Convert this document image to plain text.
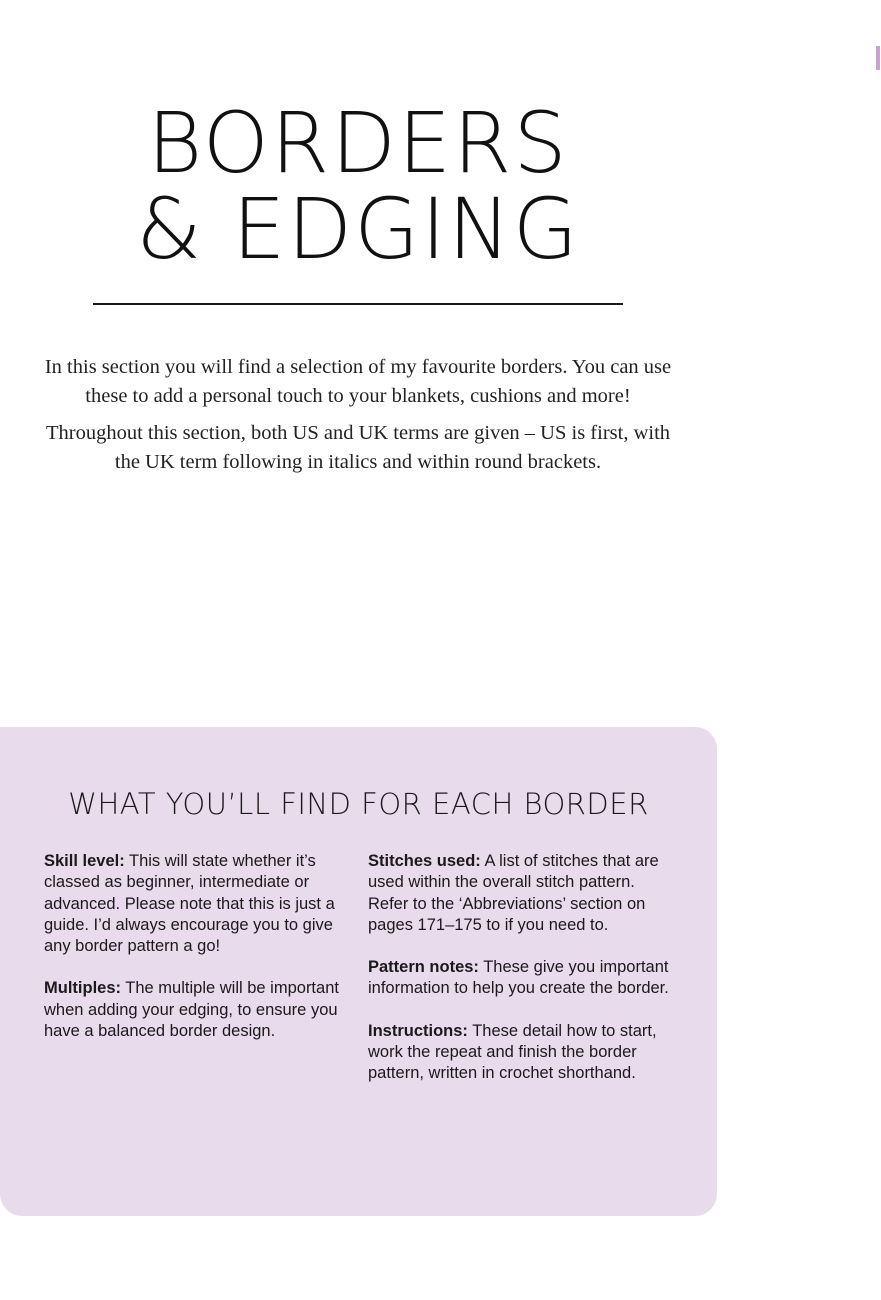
BORDERS
& EDGING

In this section you will find a selection of my favourite borders. You can use these to add a personal touch to your blankets, cushions and more!

Throughout this section, both US and UK terms are given – US is first, with the UK term following in italics and within round brackets.

WHAT YOU’LL FIND FOR EACH BORDER

Skill level: This will state whether it’s classed as beginner, intermediate or advanced. Please note that this is just a guide. I’d always encourage you to give any border pattern a go!

Multiples: The multiple will be important when adding your edging, to ensure you have a balanced border design.

Stitches used: A list of stitches that are used within the overall stitch pattern. Refer to the ‘Abbreviations’ section on pages 171–175 to if you need to.

Pattern notes: These give you important information to help you create the border.

Instructions: These detail how to start, work the repeat and finish the border pattern, written in crochet shorthand.
